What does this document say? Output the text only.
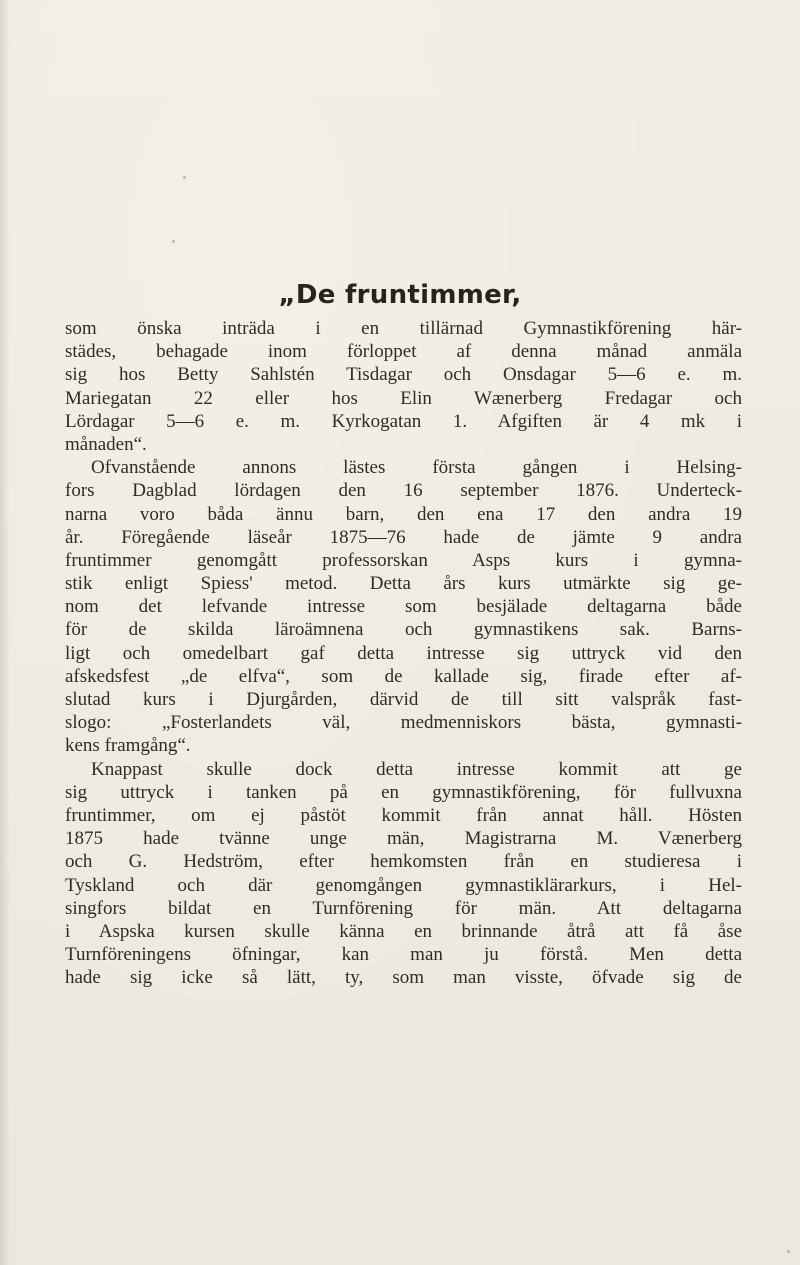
„De fruntimmer,
som önska inträda i en tillärnad Gymnastikförening här-
städes, behagade inom förloppet af denna månad anmäla
sig hos Betty Sahlstén Tisdagar och Onsdagar 5—6 e. m.
Mariegatan 22 eller hos Elin Wænerberg Fredagar och
Lördagar 5—6 e. m. Kyrkogatan 1. Afgiften är 4 mk i
månaden“.
Ofvanstående annons lästes första gången i Helsing-
fors Dagblad lördagen den 16 september 1876. Underteck-
narna voro båda ännu barn, den ena 17 den andra 19
år. Föregående läseår 1875—76 hade de jämte 9 andra
fruntimmer genomgått professorskan Asps kurs i gymna-
stik enligt Spiess' metod. Detta års kurs utmärkte sig ge-
nom det lefvande intresse som besjälade deltagarna både
för de skilda läroämnena och gymnastikens sak. Barns-
ligt och omedelbart gaf detta intresse sig uttryck vid den
afskedsfest „de elfva“, som de kallade sig, firade efter af-
slutad kurs i Djurgården, därvid de till sitt valspråk fast-
slogo: „Fosterlandets väl, medmenniskors bästa, gymnasti-
kens framgång“.
Knappast skulle dock detta intresse kommit att ge
sig uttryck i tanken på en gymnastikförening, för fullvuxna
fruntimmer, om ej påstöt kommit från annat håll. Hösten
1875 hade tvänne unge män, Magistrarna M. Vænerberg
och G. Hedström, efter hemkomsten från en studieresa i
Tyskland och där genomgången gymnastiklärarkurs, i Hel-
singfors bildat en Turnförening för män. Att deltagarna
i Aspska kursen skulle känna en brinnande åtrå att få åse
Turnföreningens öfningar, kan man ju förstå. Men detta
hade sig icke så lätt, ty, som man visste, öfvade sig de
